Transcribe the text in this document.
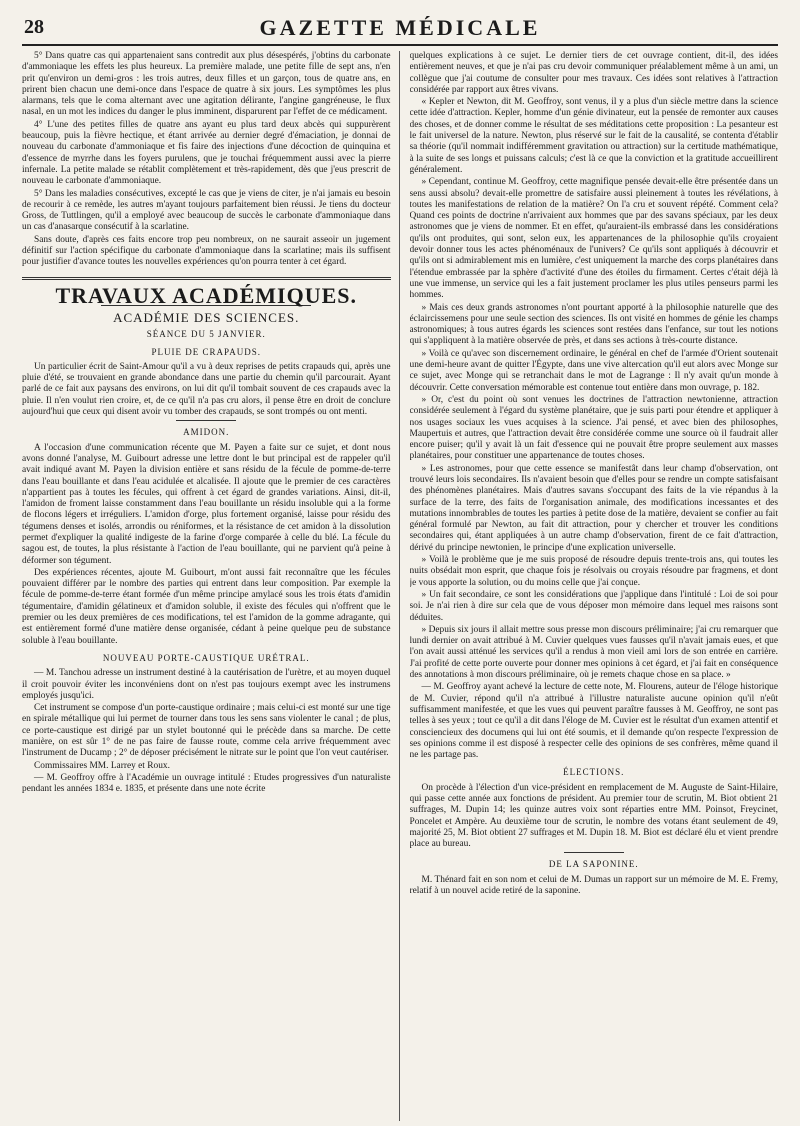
28	GAZETTE MÉDICALE

5° Dans quatre cas qui appartenaient sans contredit aux plus désespérés, j'obtins du carbonate d'ammoniaque les effets les plus heureux. La première malade, une petite fille de sept ans, n'en prit qu'environ un demi-gros : les trois autres, deux filles et un garçon, tous de quatre ans, en prirent bien chacun une demi-once dans l'espace de quatre à six jours. Les symptômes les plus alarmans, tels que le coma alternant avec une agitation délirante, l'angine gangréneuse, le flux nasal, en un mot les indices du danger le plus imminent, disparurent par l'effet de ce médicament.

4° L'une des petites filles de quatre ans ayant eu plus tard deux abcès qui suppurèrent beaucoup, puis la fièvre hectique, et étant arrivée au dernier degré d'émaciation, je donnai de nouveau du carbonate d'ammoniaque et fis faire des injections d'une décoction de quinquina et d'essence de myrrhe dans les foyers purulens, que je touchai fréquemment aussi avec la pierre infernale. La petite malade se rétablit complètement et très-rapidement, dès que j'eus prescrit de nouveau le carbonate d'ammoniaque.

5° Dans les maladies consécutives, excepté le cas que je viens de citer, je n'ai jamais eu besoin de recourir à ce remède, les autres m'ayant toujours parfaitement bien réussi. Je tiens du docteur Gross, de Tuttlingen, qu'il a employé avec beaucoup de succès le carbonate d'ammoniaque dans un cas d'anasarque consécutif à la scarlatine.

Sans doute, d'après ces faits encore trop peu nombreux, on ne saurait asseoir un jugement définitif sur l'action spécifique du carbonate d'ammoniaque dans la scarlatine; mais ils suffisent pour justifier d'avance toutes les nouvelles expériences qu'on pourra tenter à cet égard.

TRAVAUX ACADÉMIQUES.
ACADÉMIE DES SCIENCES.
SÉANCE DU 5 JANVIER.
PLUIE DE CRAPAUDS.

Un particulier écrit de Saint-Amour qu'il a vu à deux reprises de petits crapauds qui, après une pluie d'été, se trouvaient en grande abondance dans une partie du chemin qu'il parcourait. Ayant parlé de ce fait aux paysans des environs, on lui dit qu'il tombait souvent de ces crapauds avec la pluie. Il n'en voulut rien croire, et, de ce qu'il n'a pas cru alors, il pense être en droit de conclure aujourd'hui que ceux qui disent avoir vu tomber des crapauds, se sont trompés ou ont menti.

AMIDON.

A l'occasion d'une communication récente que M. Payen a faite sur ce sujet, et dont nous avons donné l'analyse, M. Guibourt adresse une lettre dont le but principal est de rappeler qu'il avait indiqué avant M. Payen la division entière et sans résidu de la fécule de pomme-de-terre dans l'eau bouillante et dans l'eau acidulée et alcalisée. Il ajoute que le premier de ces caractères n'appartient pas à toutes les fécules, qui offrent à cet égard de grandes variations. Ainsi, dit-il, l'amidon de froment laisse constamment dans l'eau bouillante un résidu insoluble qui a la forme de flocons légers et irréguliers. L'amidon d'orge, plus fortement organisé, laisse pour résidu des tégumens denses et isolés, arrondis ou réniformes, et la résistance de cet amidon à la dissolution permet d'expliquer la qualité indigeste de la farine d'orge comparée à celle du blé. La fécule du sagou est, de toutes, la plus résistante à l'action de l'eau bouillante, qui ne parvient qu'à peine à déformer son tégument.

Des expériences récentes, ajoute M. Guibourt, m'ont aussi fait reconnaître que les fécules pouvaient différer par le nombre des parties qui entrent dans leur composition. Par exemple la fécule de pomme-de-terre étant formée d'un même principe amylacé sous les trois états d'amidin tégumentaire, d'amidin gélatineux et d'amidon soluble, il existe des fécules qui n'offrent que le premier ou les deux premières de ces modifications, tel est l'amidon de la gomme adragante, qui est entièrement formé d'une matière dense organisée, cédant à peine quelque peu de substance soluble à l'eau bouillante.

NOUVEAU PORTE-CAUSTIQUE URÉTRAL.

— M. Tanchou adresse un instrument destiné à la cautérisation de l'urètre, et au moyen duquel il croit pouvoir éviter les inconvéniens dont on n'est pas toujours exempt avec les instrumens employés jusqu'ici.

Cet instrument se compose d'un porte-caustique ordinaire ; mais celui-ci est monté sur une tige en spirale métallique qui lui permet de tourner dans tous les sens sans violenter le canal ; de plus, ce porte-caustique est dirigé par un stylet boutonné qui le précède dans sa marche. De cette manière, on est sûr 1° de ne pas faire de fausse route, comme cela arrive fréquemment avec l'instrument de Ducamp ; 2° de déposer précisément le nitrate sur le point que l'on veut cautériser.

Commissaires MM. Larrey et Roux.

— M. Geoffroy offre à l'Académie un ouvrage intitulé : Etudes progressives d'un naturaliste pendant les années 1834 e. 1835, et présente dans une note écrite

quelques explications à ce sujet. Le dernier tiers de cet ouvrage contient, dit-il, des idées entièrement neuves, et que je n'ai pas cru devoir communiquer préalablement même à un ami, un collègue que j'ai coutume de consulter pour mes travaux. Ces idées sont relatives à l'attraction considérée par rapport aux êtres vivans.

« Kepler et Newton, dit M. Geoffroy, sont venus, il y a plus d'un siècle mettre dans la science cette idée d'attraction. Kepler, homme d'un génie divinateur, eut la pensée de remonter aux causes des choses, et de donner comme le résultat de ses méditations cette proposition : La pesanteur est le fait universel de la nature. Newton, plus réservé sur le fait de la causalité, se contenta d'établir sa théorie (qu'il nommait indifféremment gravitation ou attraction) sur la certitude mathématique, à la suite de ses longs et puissans calculs; c'est là ce que la conviction et la gratitude accueillirent généralement.

» Cependant, continue M. Geoffroy, cette magnifique pensée devait-elle être présentée dans un sens aussi absolu? devait-elle promettre de satisfaire aussi pleinement à toutes les révélations, à toutes les manifestations de relation de la matière? On l'a cru et souvent répété. Comment cela? Quand ces points de doctrine n'arrivaient aux hommes que par des savans spéciaux, par les deux astronomes que je viens de nommer. Et en effet, qu'auraient-ils embrassé dans les considérations qu'ils ont produites, qui sont, selon eux, les appartenances de la philosophie qu'ils croyaient devoir donner tous les actes phénoménaux de l'univers? Ce qu'ils sont appliqués à découvrir et qu'ils ont si admirablement mis en lumière, c'est uniquement la marche des corps planétaires dans l'étendue embrassée par la sphère d'activité d'une des étoiles du firmament. Certes c'était déjà là une vue immense, un service qui les a fait justement proclamer les plus utiles penseurs parmi les hommes.

» Mais ces deux grands astronomes n'ont pourtant apporté à la philosophie naturelle que des éclaircissemens pour une seule section des sciences. Ils ont visité en hommes de génie les champs astronomiques; à tous autres égards les sciences sont restées dans l'enfance, sur tout les notions qui s'appliquent à la matière observée de près, et dans ses actions à très-courte distance.

» Voilà ce qu'avec son discernement ordinaire, le général en chef de l'armée d'Orient soutenait une demi-heure avant de quitter l'Égypte, dans une vive altercation qu'il eut alors avec Monge sur ce sujet, avec Monge qui se retranchait dans le mot de Lagrange : Il n'y avait qu'un monde à découvrir. Cette conversation mémorable est contenue tout entière dans mon ouvrage, p. 182.

» Or, c'est du point où sont venues les doctrines de l'attraction newtonienne, attraction considérée seulement à l'égard du système planétaire, que je suis parti pour étendre et appliquer à nos usages sociaux les vues acquises à la science. J'ai pensé, et avec bien des philosophes, Maupertuis et autres, que l'attraction devait être considérée comme une source où il faudrait aller encore puiser; qu'il y avait là un fait d'essence qui ne pouvait être propre seulement aux masses planétaires, pour constituer une appartenance de toutes choses.

» Les astronomes, pour que cette essence se manifestât dans leur champ d'observation, ont trouvé leurs lois secondaires. Ils n'avaient besoin que d'elles pour se rendre un compte satisfaisant des phénomènes planétaires. Mais d'autres savans s'occupant des faits de la vie répandus à la surface de la terre, des faits de l'organisation animale, des modifications incessantes et des mutations innombrables de toutes les parties à petite dose de la matière, devaient se confier au fait général formulé par Newton, au fait dit attraction, pour y chercher et trouver les conditions secondaires qui, étant appliquées à un autre champ d'observation, firent de ce fait d'attraction, dérivé du principe newtonien, le principe d'une explication universelle.

» Voilà le problème que je me suis proposé de résoudre depuis trente-trois ans, qui toutes les nuits obsédait mon esprit, que chaque fois je résolvais ou croyais résoudre par fragmens, et dont je vous apporte la solution, ou du moins celle que j'ai conçue.

» Un fait secondaire, ce sont les considérations que j'applique dans l'intitulé : Loi de soi pour soi. Je n'ai rien à dire sur cela que de vous déposer mon mémoire dans lequel mes raisons sont déduites.

» Depuis six jours il allait mettre sous presse mon discours préliminaire; j'ai cru remarquer que lundi dernier on avait attribué à M. Cuvier quelques vues fausses qu'il n'avait jamais eues, et que l'on avait aussi atténué les services qu'il a rendus à mon vieil ami lors de son entrée en carrière. J'ai profité de cette porte ouverte pour donner mes opinions à cet égard, et j'ai fait en conséquence des annotations à mon discours préliminaire, où je remets chaque chose en sa place. »

— M. Geoffroy ayant achevé la lecture de cette note, M. Flourens, auteur de l'éloge historique de M. Cuvier, répond qu'il n'a attribué à l'illustre naturaliste aucune opinion qu'il n'eût suffisamment manifestée, et que les vues qui peuvent paraître fausses à M. Geoffroy, ne sont pas telles à ses yeux ; tout ce qu'il a dit dans l'éloge de M. Cuvier est le résultat d'un examen attentif et consciencieux des documens qui lui ont été soumis, et il demande qu'on respecte l'expression de ses opinions comme il est disposé à respecter celle des opinions de ses confrères, même quand il ne les partage pas.

ÉLECTIONS.

On procède à l'élection d'un vice-président en remplacement de M. Auguste de Saint-Hilaire, qui passe cette année aux fonctions de président. Au premier tour de scrutin, M. Biot obtient 21 suffrages, M. Dupin 14; les quinze autres voix sont réparties entre MM. Poinsot, Freycinet, Poncelet et Ampère. Au deuxième tour de scrutin, le nombre des votans étant seulement de 49, majorité 25, M. Biot obtient 27 suffrages et M. Dupin 18. M. Biot est déclaré élu et vient prendre place au bureau.

DE LA SAPONINE.

M. Thénard fait en son nom et celui de M. Dumas un rapport sur un mémoire de M. E. Fremy, relatif à un nouvel acide retiré de la saponine.
